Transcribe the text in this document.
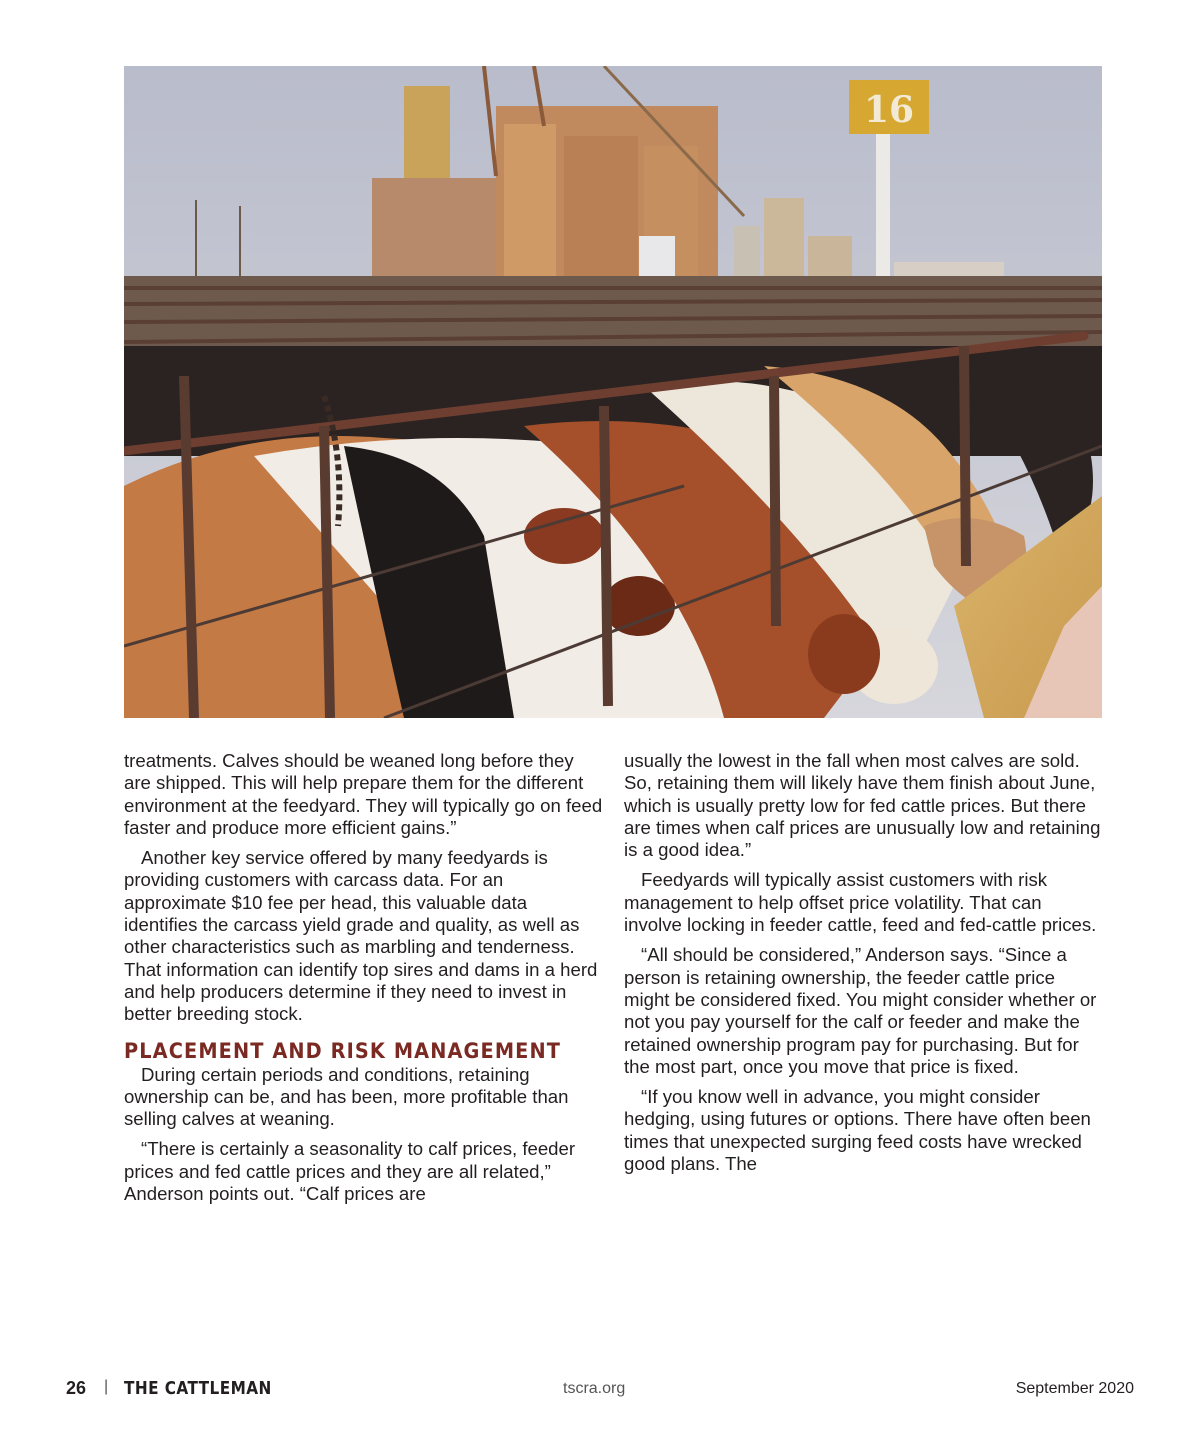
16

treatments. Calves should be weaned long before they are shipped. This will help prepare them for the different environment at the feedyard. They will typically go on feed faster and produce more efficient gains.”

Another key service offered by many feedyards is providing customers with carcass data. For an approximate $10 fee per head, this valuable data identifies the carcass yield grade and quality, as well as other characteristics such as marbling and tenderness. That information can identify top sires and dams in a herd and help producers determine if they need to invest in better breeding stock.

PLACEMENT AND RISK MANAGEMENT

During certain periods and conditions, retaining ownership can be, and has been, more profitable than selling calves at weaning.

“There is certainly a seasonality to calf prices, feeder prices and fed cattle prices and they are all related,” Anderson points out. “Calf prices are

usually the lowest in the fall when most calves are sold. So, retaining them will likely have them finish about June, which is usually pretty low for fed cattle prices. But there are times when calf prices are unusually low and retaining is a good idea.”

Feedyards will typically assist customers with risk management to help offset price volatility. That can involve locking in feeder cattle, feed and fed-cattle prices.

“All should be considered,” Anderson says. “Since a person is retaining ownership, the feeder cattle price might be considered fixed. You might consider whether or not you pay yourself for the calf or feeder and make the retained ownership program pay for purchasing. But for the most part, once you move that price is fixed.

“If you know well in advance, you might consider hedging, using futures or options. There have often been times that unexpected surging feed costs have wrecked good plans. The

26 | THE CATTLEMAN	tscra.org	September 2020
